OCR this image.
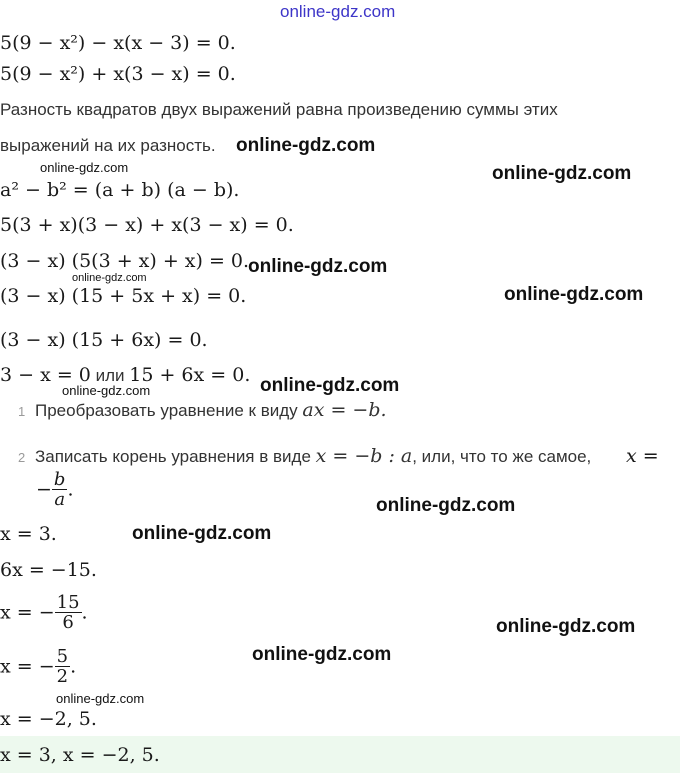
online-gdz.com
5(9 − x²) − x(x − 3) = 0.
5(9 − x²) + x(3 − x) = 0.
Разность квадратов двух выражений равна произведению суммы этих
выражений на их разность.
a² − b² = (a + b) (a − b).
5(3 + x)(3 − x) + x(3 − x) = 0.
(3 − x) (5(3 + x) + x) = 0.
(3 − x) (15 + 5x + x) = 0.
(3 − x) (15 + 6x) = 0.
3 − x = 0 или 15 + 6x = 0.
1 Преобразовать уравнение к виду ax = −b.
2 Записать корень уравнения в виде x = −b : a, или, что то же самое, x =
− $\frac{b}{a}$ .
x = 3.
6x = −15.
x = − $\frac{15}{6}$ .
x = − $\frac{5}{2}$ .
x = −2, 5.
x = 3, x = −2, 5.
online-gdz.com
online-gdz.com	online-gdz.com
online-gdz.com
online-gdz.com
online-gdz.com
online-gdz.com
online-gdz.com
online-gdz.com
online-gdz.com
online-gdz.com
online-gdz.com
online-gdz.com
